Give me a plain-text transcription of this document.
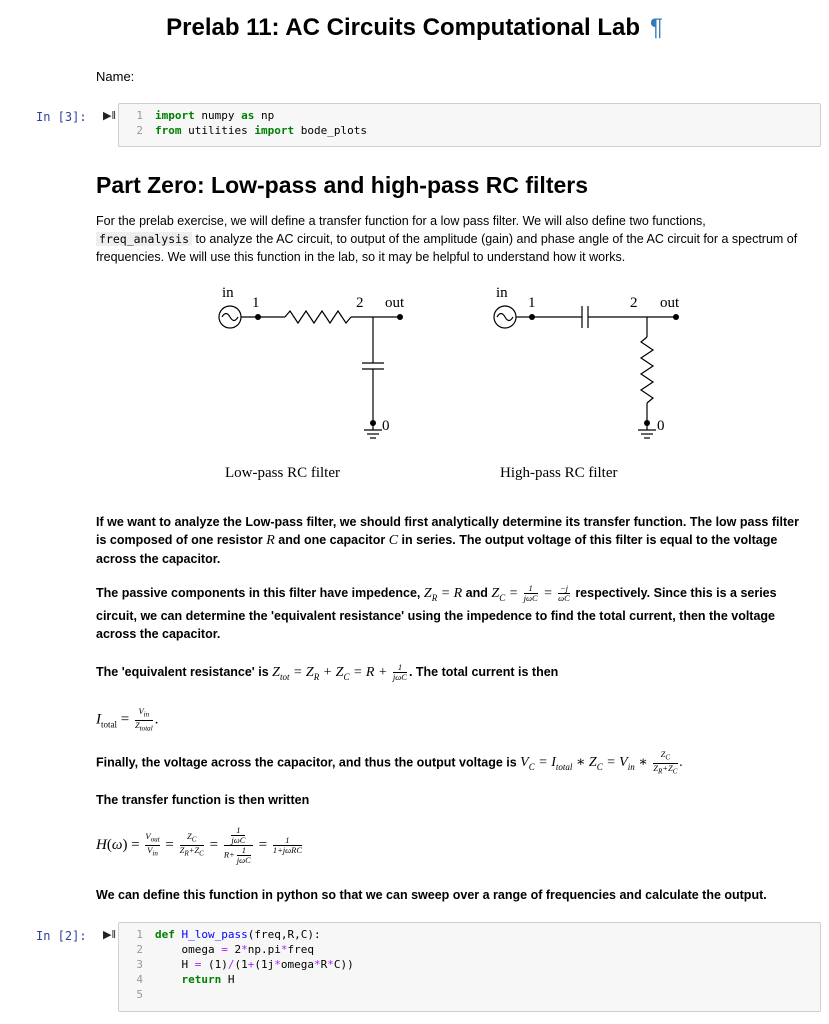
Prelab 11: AC Circuits Computational Lab ¶
Name:
In [3]: ▶‖	1	import numpy as np
2	from utilities import bode_plots
Part Zero: Low-pass and high-pass RC filters
For the prelab exercise, we will define a transfer function for a low pass filter. We will also define two functions,
freq_analysis to analyze the AC circuit, to output of the amplitude (gain) and phase angle of the AC circuit for a spectrum of frequencies. We will use this function in the lab, so it may be helpful to understand how it works.
in
1	2 out
0
Low-pass RC filter
in
1	2 out
0
High-pass RC filter
If we want to analyze the Low-pass filter, we should first analytically determine its transfer function. The low pass filter is composed of one resistor R and one capacitor C in series. The output voltage of this filter is equal to the voltage across the capacitor.
The passive components in this filter have impedence, $Z_R = R$ and $Z_C = \frac{1}{\text{jωC}} = \frac{-j}{\omega C}$ respectively. Since this is a series circuit, we can determine the 'equivalent resistance' using the impedence to find the total current, then the voltage across the capacitor.
The 'equivalent resistance' is $Z_{tot} = Z_R + Z_C = R + \frac{1}{\text{jωC}}$ . The total current is then
$I_{total} = \frac{V_{in}}{Z_{total}}$ .
Finally, the voltage across the capacitor, and thus the output voltage is $V_C = I_{total}$ ∗ $Z_C = V_{in}$ ∗ $\frac{Z_C}{Z_R+Z_C}$ .
The transfer function is then written
$H(\omega) = \frac{V_{out}}{V_{in}} = \frac{Z_C}{Z_R+Z_C} = \frac{\frac{1}{\text{jωC}}}{R+ \frac{1}{\text{jωC}}} = \frac{1}{\text{1+jωRC}}$
We can define this function in python so that we can sweep over a range of frequencies and calculate the output.
In [2]: ▶‖	1	def H_low_pass(freq,R,C):
2	omega = 2*np.pi*freq
3	H = (1)/(1+(1j*omega*R*C))
4	return H
5
